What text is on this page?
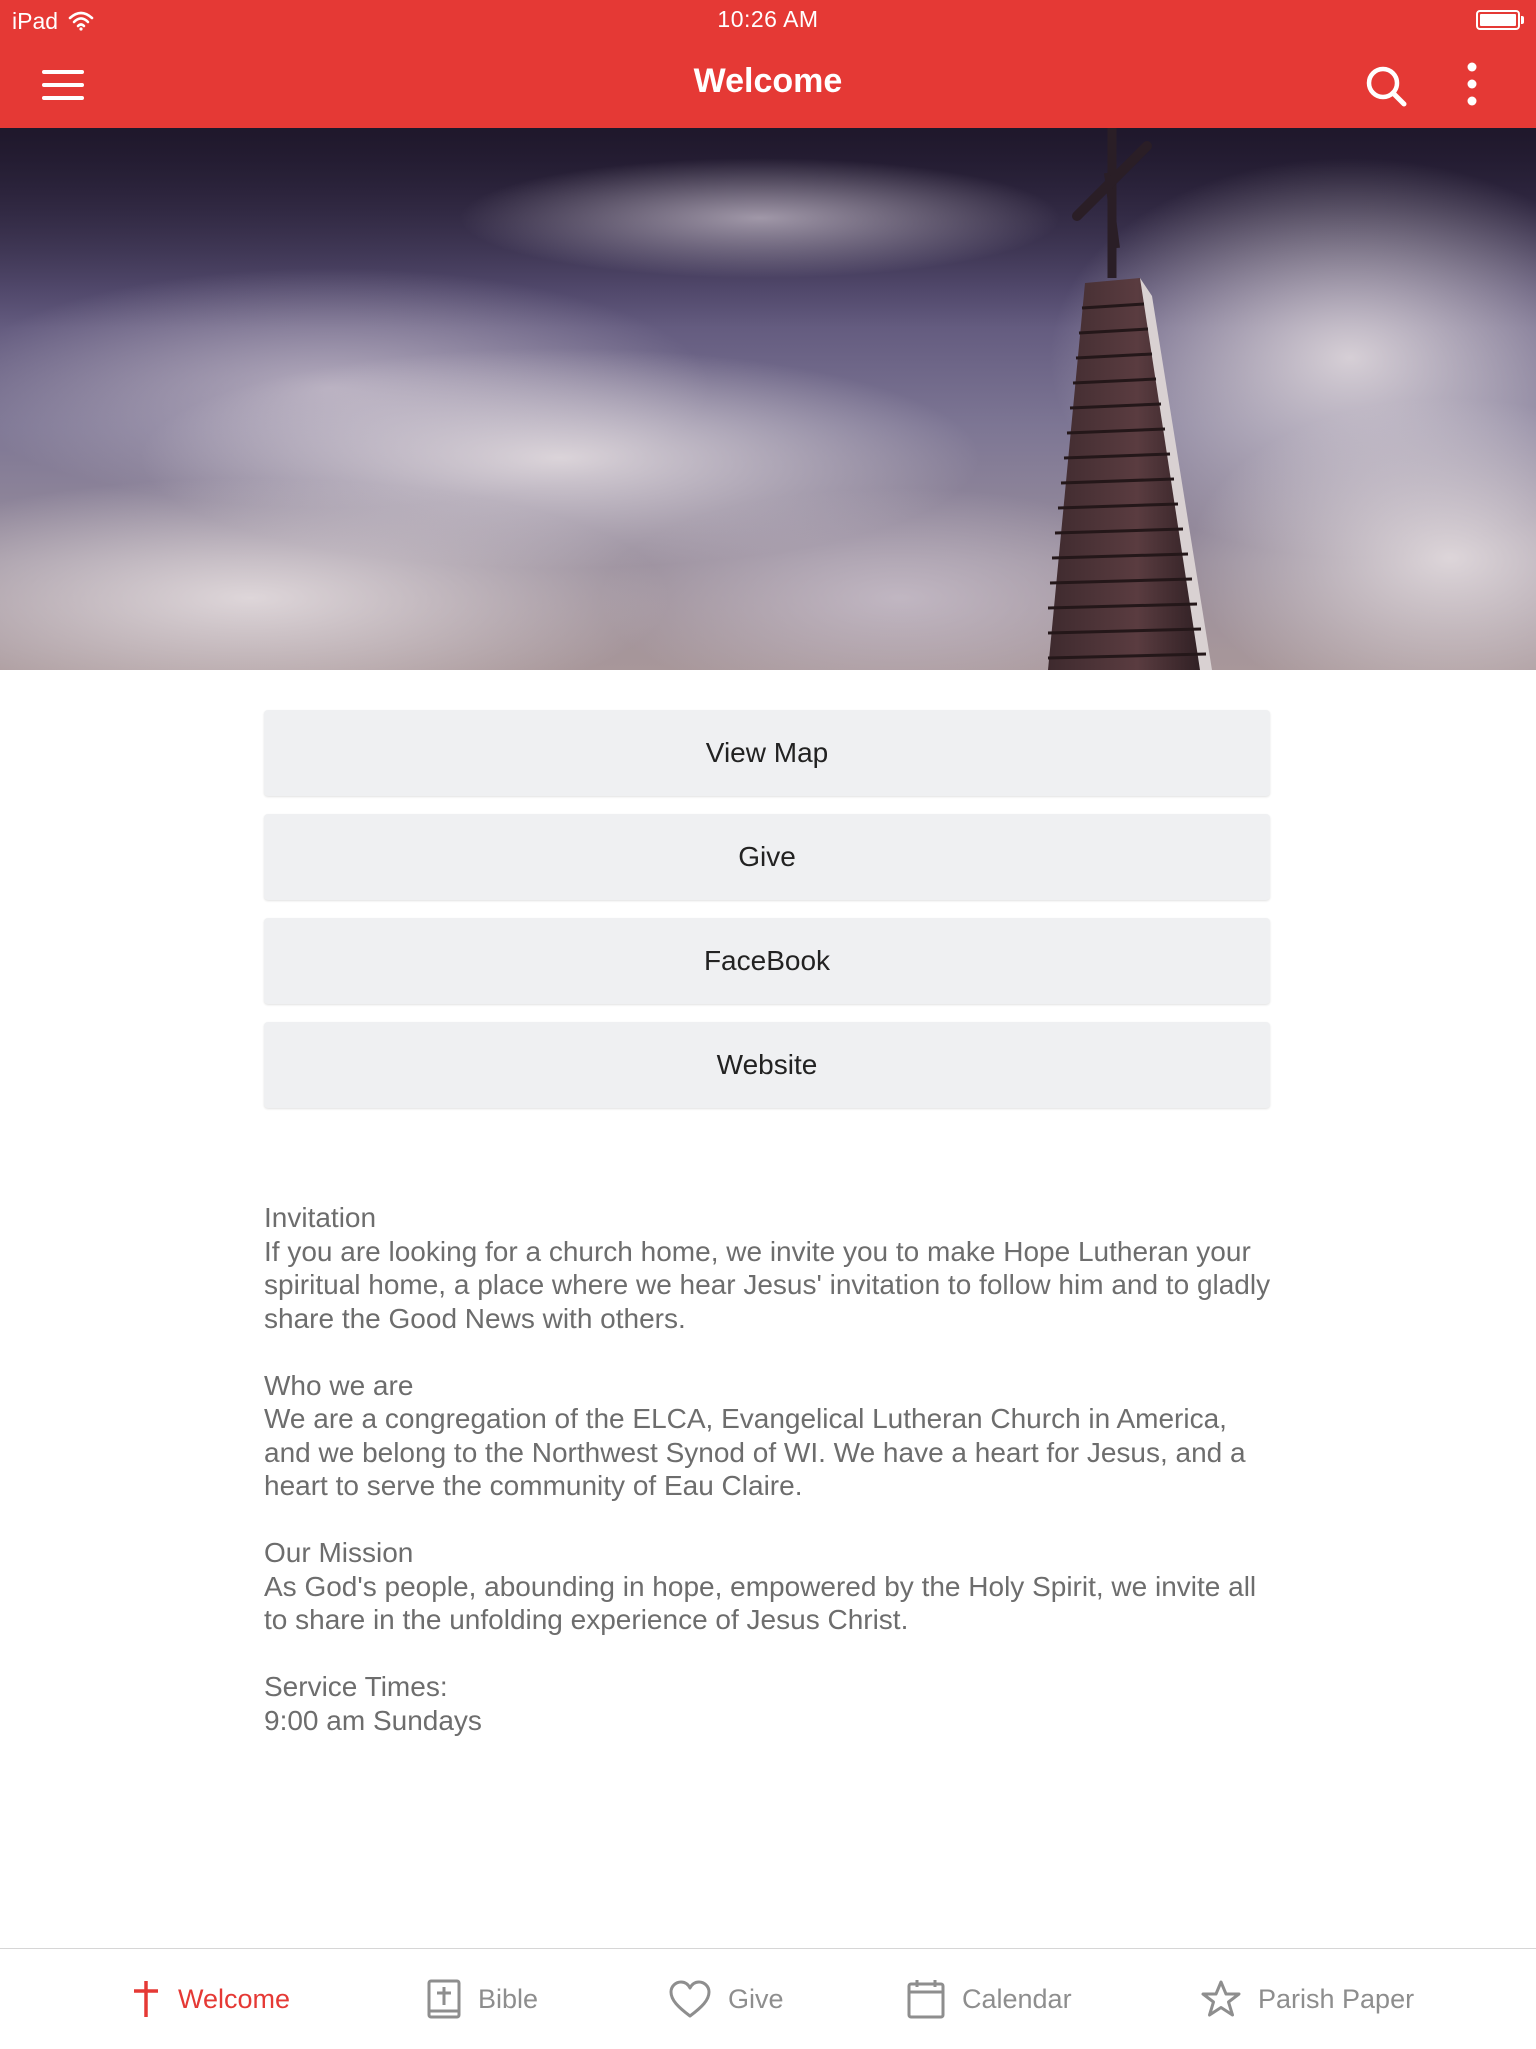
iPad	10:26 AM
Welcome
View Map
Give
FaceBook
Website

Invitation

If you are looking for a church home, we invite you to make Hope Lutheran your spiritual home, a place where we hear Jesus' invitation to follow him and to gladly share the Good News with others.

Who we are

We are a congregation of the ELCA, Evangelical Lutheran Church in America, and we belong to the Northwest Synod of WI. We have a heart for Jesus, and a heart to serve the community of Eau Claire.

Our Mission

As God's people, abounding in hope, empowered by the Holy Spirit, we invite all to share in the unfolding experience of Jesus Christ.

Service Times:

9:00 am Sundays

Welcome	Bible	Give	Calendar	Parish Paper
